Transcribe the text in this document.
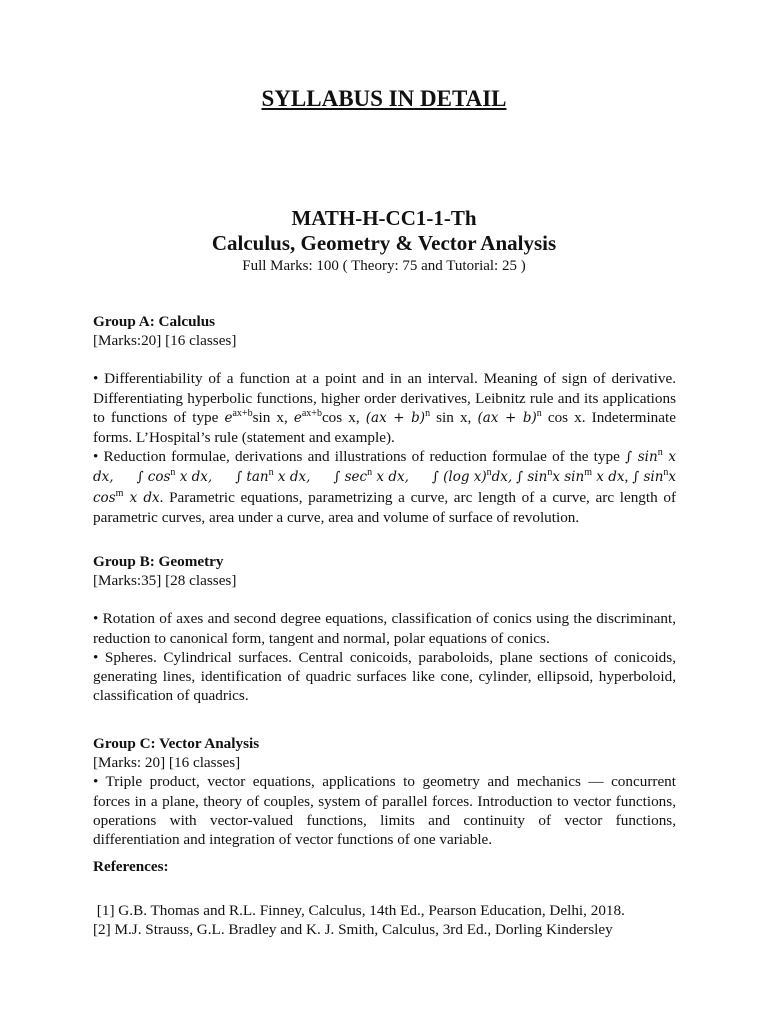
SYLLABUS IN DETAIL
MATH-H-CC1-1-Th
Calculus, Geometry & Vector Analysis
Full Marks: 100 ( Theory: 75 and Tutorial: 25 )

Group A: Calculus

[Marks:20] [16 classes]

• Differentiability of a function at a point and in an interval. Meaning of sign of derivative. Differentiating hyperbolic functions, higher order derivatives, Leibnitz rule and its applications to functions of type $e^{ax+b}\sin$ x, $e^{ax+b}\cos$ x, (ax + b)$^n$ sin x, (ax + b)$^n$ cos x. Indeterminate forms. L’Hospital’s rule (statement and example).

• Reduction formulae, derivations and illustrations of reduction formulae of the type ∫ $\sin^n x$ dx, ∫ $\cos^n x$ dx, ∫ $\tan^n x$ dx, ∫ $\sec^n x$ dx, ∫ (log x)$^n$dx, ∫ $\sin^nx$ $\sin^m x$ dx, ∫ $\sin^nx$ $\cos^m x$ dx. Parametric equations, parametrizing a curve, arc length of a curve, arc length of parametric curves, area under a curve, area and volume of surface of revolution.

Group B: Geometry

[Marks:35] [28 classes]

• Rotation of axes and second degree equations, classification of conics using the discriminant, reduction to canonical form, tangent and normal, polar equations of conics.

• Spheres. Cylindrical surfaces. Central conicoids, paraboloids, plane sections of conicoids, generating lines, identification of quadric surfaces like cone, cylinder, ellipsoid, hyperboloid, classification of quadrics.

Group C: Vector Analysis

[Marks: 20] [16 classes]

• Triple product, vector equations, applications to geometry and mechanics — concurrent forces in a plane, theory of couples, system of parallel forces. Introduction to vector functions, operations with vector-valued functions, limits and continuity of vector functions, differentiation and integration of vector functions of one variable.

References:

[1] G.B. Thomas and R.L. Finney, Calculus, 14th Ed., Pearson Education, Delhi, 2018.

[2] M.J. Strauss, G.L. Bradley and K. J. Smith, Calculus, 3rd Ed., Dorling Kindersley
